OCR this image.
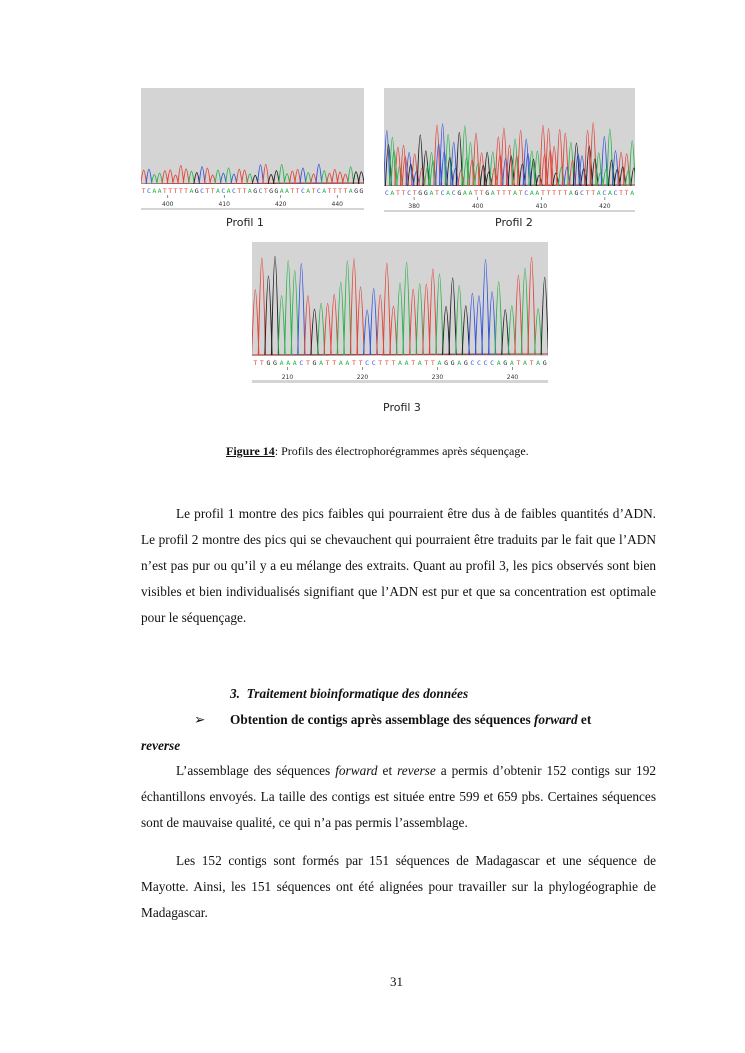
T C A A T T T T T A G C T T A C A C T T A G C T G G A A T T C A T C A T T T T A G G
400	410	420	440
Profil 1
C A T T C T G G A T C A C G A A T T G A T T T A T C A A T T T T T A G C T T A C A C T T A
380	400	410	420
Profil 2
T T G G A A A C T G A T T A A T T C C T T T A A T A T T A G G A G C C C C A G A T A T A G
210	220	230	240
Profil 3
Figure 14: Profils des électrophorégrammes après séquençage.
Le profil 1 montre des pics faibles qui pourraient être dus à de faibles quantités d’ADN. Le profil 2 montre des pics qui se chevauchent qui pourraient être traduits par le fait que l’ADN n’est pas pur ou qu’il y a eu mélange des extraits. Quant au profil 3, les pics observés sont bien visibles et bien individualisés signifiant que l’ADN est pur et que sa concentration est optimale pour le séquençage.
3. Traitement bioinformatique des données
➢ Obtention de contigs après assemblage des séquences forward et
reverse
L’assemblage des séquences forward et reverse a permis d’obtenir 152 contigs sur 192 échantillons envoyés. La taille des contigs est située entre 599 et 659 pbs. Certaines séquences sont de mauvaise qualité, ce qui n’a pas permis l’assemblage.
Les 152 contigs sont formés par 151 séquences de Madagascar et une séquence de Mayotte. Ainsi, les 151 séquences ont été alignées pour travailler sur la phylogéographie de Madagascar.
31
